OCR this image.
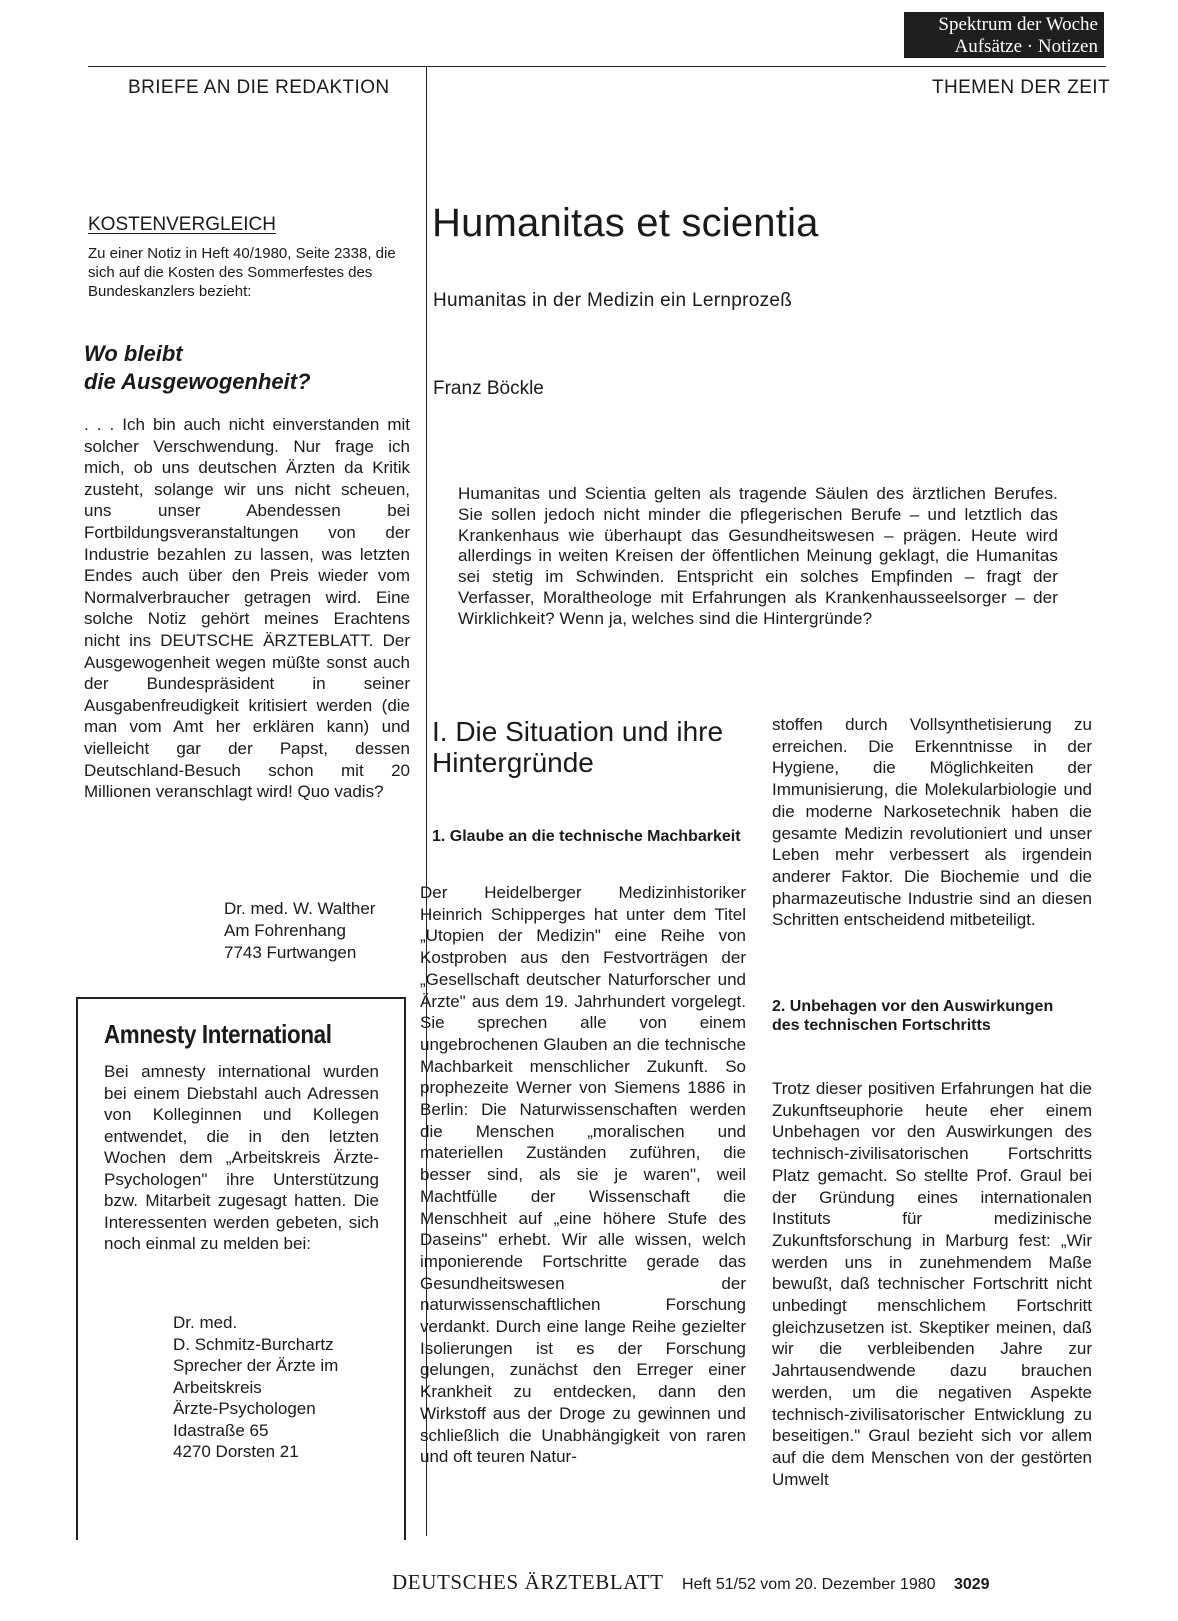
Spektrum der Woche
Aufsätze · Notizen
BRIEFE AN DIE REDAKTION	THEMEN DER ZEIT
KOSTENVERGLEICH
Zu einer Notiz in Heft 40/1980, Seite 2338, die sich auf die Kosten des Sommerfestes des Bundeskanzlers bezieht:
Wo bleibt
die Ausgewogenheit?
. . . Ich bin auch nicht einverstanden mit solcher Verschwendung. Nur frage ich mich, ob uns deutschen Ärzten da Kritik zusteht, solange wir uns nicht scheuen, uns unser Abendessen bei Fortbildungsveranstaltungen von der Industrie bezahlen zu lassen, was letzten Endes auch über den Preis wieder vom Normalverbraucher getragen wird. Eine solche Notiz gehört meines Erachtens nicht ins DEUTSCHE ÄRZTEBLATT. Der Ausgewogenheit wegen müßte sonst auch der Bundespräsident in seiner Ausgabenfreudigkeit kritisiert werden (die man vom Amt her erklären kann) und vielleicht gar der Papst, dessen Deutschland-Besuch schon mit 20 Millionen veranschlagt wird! Quo vadis?
Dr. med. W. Walther
Am Fohrenhang
7743 Furtwangen
Amnesty International
Bei amnesty international wurden bei einem Diebstahl auch Adressen von Kolleginnen und Kollegen entwendet, die in den letzten Wochen dem „Arbeitskreis Ärzte-Psychologen" ihre Unterstützung bzw. Mitarbeit zugesagt hatten. Die Interessenten werden gebeten, sich noch einmal zu melden bei:
Dr. med.
D. Schmitz-Burchartz
Sprecher der Ärzte im
Arbeitskreis
Ärzte-Psychologen
Idastraße 65
4270 Dorsten 21
Humanitas et scientia
Humanitas in der Medizin ein Lernprozeß
Franz Böckle
Humanitas und Scientia gelten als tragende Säulen des ärztlichen Berufes. Sie sollen jedoch nicht minder die pflegerischen Berufe – und letztlich das Krankenhaus wie überhaupt das Gesundheitswesen – prägen. Heute wird allerdings in weiten Kreisen der öffentlichen Meinung geklagt, die Humanitas sei stetig im Schwinden. Entspricht ein solches Empfinden – fragt der Verfasser, Moraltheologe mit Erfahrungen als Krankenhausseelsorger – der Wirklichkeit? Wenn ja, welches sind die Hintergründe?
I. Die Situation und ihre Hintergründe
1. Glaube an die technische Machbarkeit
Der Heidelberger Medizinhistoriker Heinrich Schipperges hat unter dem Titel „Utopien der Medizin" eine Reihe von Kostproben aus den Festvorträgen der „Gesellschaft deutscher Naturforscher und Ärzte" aus dem 19. Jahrhundert vorgelegt. Sie sprechen alle von einem ungebrochenen Glauben an die technische Machbarkeit menschlicher Zukunft. So prophezeite Werner von Siemens 1886 in Berlin: Die Naturwissenschaften werden die Menschen „moralischen und materiellen Zuständen zuführen, die besser sind, als sie je waren", weil Machtfülle der Wissenschaft die Menschheit auf „eine höhere Stufe des Daseins" erhebt. Wir alle wissen, welch imponierende Fortschritte gerade das Gesundheitswesen der naturwissenschaftlichen Forschung verdankt. Durch eine lange Reihe gezielter Isolierungen ist es der Forschung gelungen, zunächst den Erreger einer Krankheit zu entdecken, dann den Wirkstoff aus der Droge zu gewinnen und schließlich die Unabhängigkeit von raren und oft teuren Natur-
stoffen durch Vollsynthetisierung zu erreichen. Die Erkenntnisse in der Hygiene, die Möglichkeiten der Immunisierung, die Molekularbiologie und die moderne Narkosetechnik haben die gesamte Medizin revolutioniert und unser Leben mehr verbessert als irgendein anderer Faktor. Die Biochemie und die pharmazeutische Industrie sind an diesen Schritten entscheidend mitbeteiligt.
2. Unbehagen vor den Auswirkungen des technischen Fortschritts
Trotz dieser positiven Erfahrungen hat die Zukunftseuphorie heute eher einem Unbehagen vor den Auswirkungen des technisch-zivilisatorischen Fortschritts Platz gemacht. So stellte Prof. Graul bei der Gründung eines internationalen Instituts für medizinische Zukunftsforschung in Marburg fest: „Wir werden uns in zunehmendem Maße bewußt, daß technischer Fortschritt nicht unbedingt menschlichem Fortschritt gleichzusetzen ist. Skeptiker meinen, daß wir die verbleibenden Jahre zur Jahrtausendwende dazu brauchen werden, um die negativen Aspekte technisch-zivilisatorischer Entwicklung zu beseitigen." Graul bezieht sich vor allem auf die dem Menschen von der gestörten Umwelt
DEUTSCHES ÄRZTEBLATT Heft 51/52 vom 20. Dezember 1980 3029
